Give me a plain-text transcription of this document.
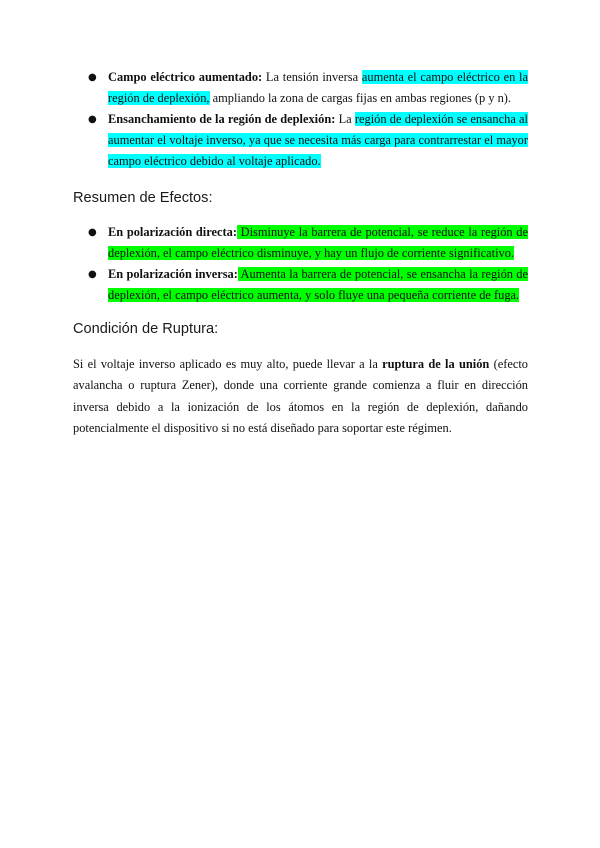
● Campo eléctrico aumentado: La tensión inversa aumenta el campo eléctrico en la región de deplexión, ampliando la zona de cargas fijas en ambas regiones (p y n).
● Ensanchamiento de la región de deplexión: La región de deplexión se ensancha al aumentar el voltaje inverso, ya que se necesita más carga para contrarrestar el mayor campo eléctrico debido al voltaje aplicado.
Resumen de Efectos:
● En polarización directa: Disminuye la barrera de potencial, se reduce la región de deplexión, el campo eléctrico disminuye, y hay un flujo de corriente significativo.
● En polarización inversa: Aumenta la barrera de potencial, se ensancha la región de deplexión, el campo eléctrico aumenta, y solo fluye una pequeña corriente de fuga.
Condición de Ruptura:

Si el voltaje inverso aplicado es muy alto, puede llevar a la ruptura de la unión (efecto avalancha o ruptura Zener), donde una corriente grande comienza a fluir en dirección inversa debido a la ionización de los átomos en la región de deplexión, dañando potencialmente el dispositivo si no está diseñado para soportar este régimen.
